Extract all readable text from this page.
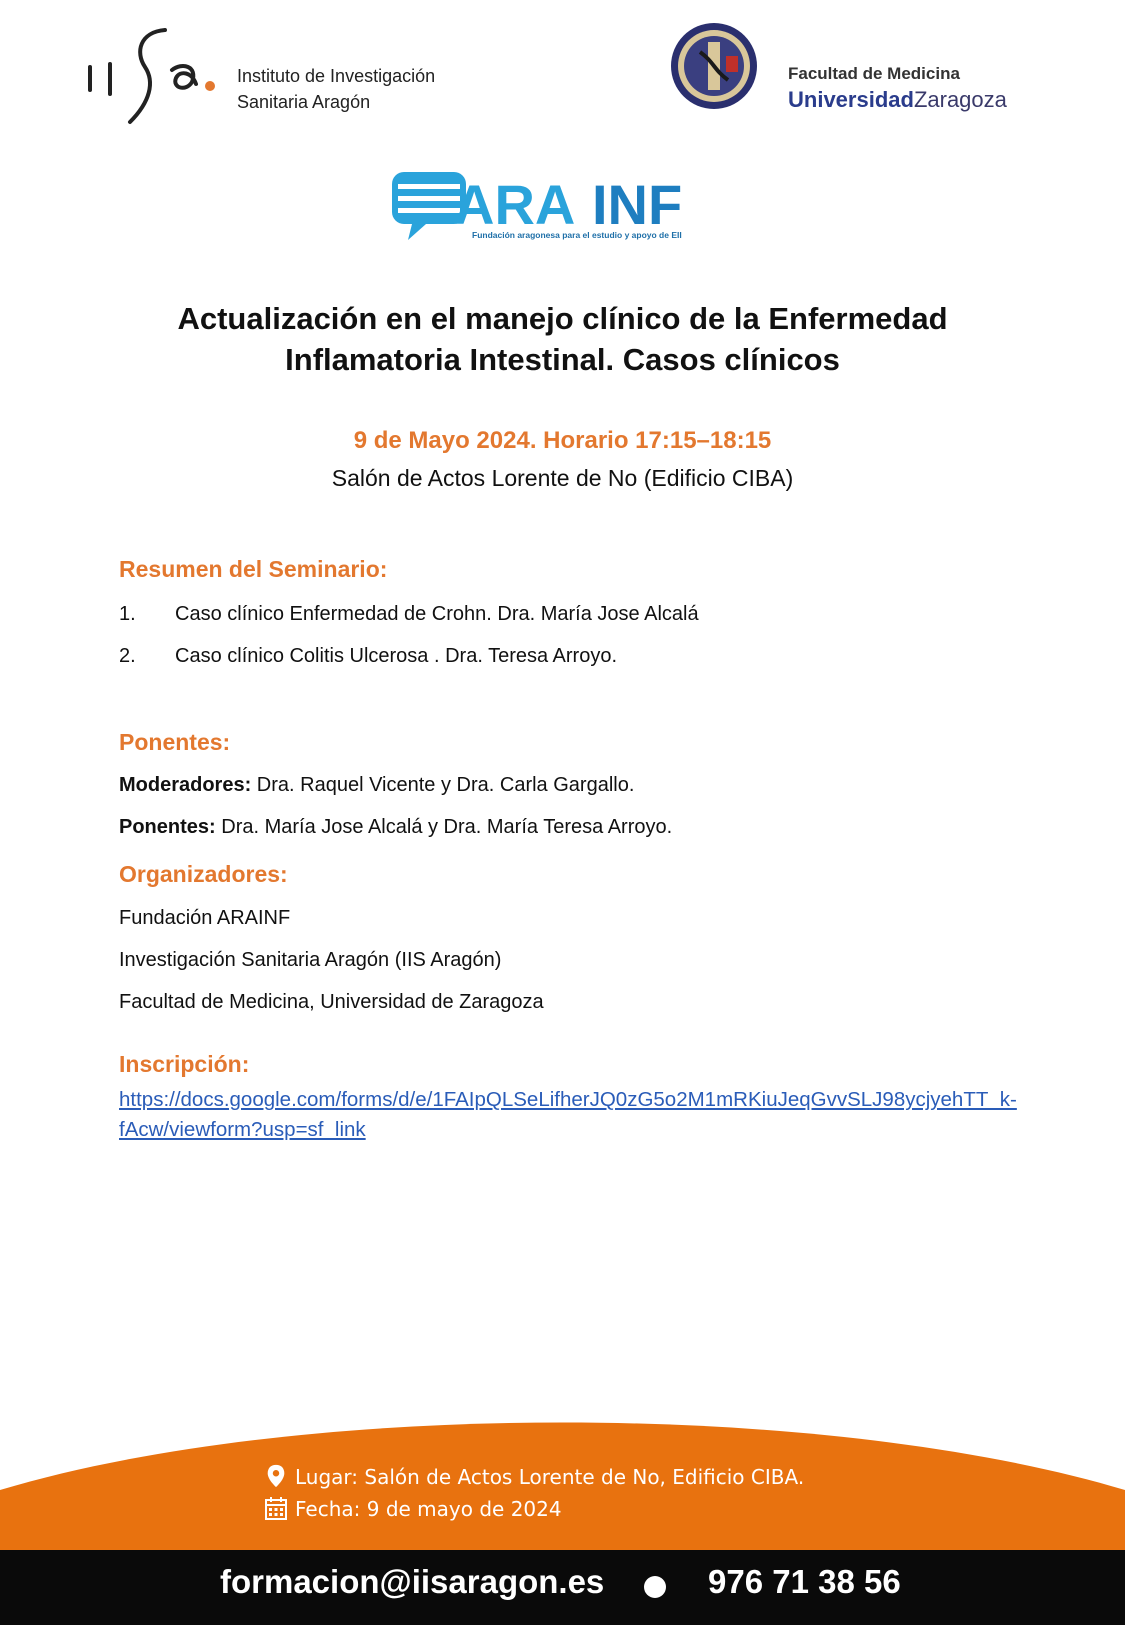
Instituto de Investigación
Sanitaria Aragón
Facultad de Medicina
UniversidadZaragoza
ARA INF
Fundación aragonesa para el estudio y apoyo de EII
Actualización en el manejo clínico de la Enfermedad
Inflamatoria Intestinal. Casos clínicos
9 de Mayo 2024. Horario 17:15–18:15
Salón de Actos Lorente de No (Edificio CIBA)
Resumen del Seminario:
1. Caso clínico Enfermedad de Crohn. Dra. María Jose Alcalá
2. Caso clínico Colitis Ulcerosa . Dra. Teresa Arroyo.
Ponentes:
Moderadores: Dra. Raquel Vicente y Dra. Carla Gargallo.
Ponentes: Dra. María Jose Alcalá y Dra. María Teresa Arroyo.
Organizadores:
Fundación ARAINF
Investigación Sanitaria Aragón (IIS Aragón)
Facultad de Medicina, Universidad de Zaragoza
Inscripción:
https://docs.google.com/forms/d/e/1FAIpQLSeLifherJQ0zG5o2M1mRKiuJeqGvvSLJ98ycjyehTT_k-fAcw/viewform?usp=sf_link
Lugar: Salón de Actos Lorente de No, Edificio CIBA.
Fecha: 9 de mayo de 2024
formacion@iisaragon.es	976 71 38 56
